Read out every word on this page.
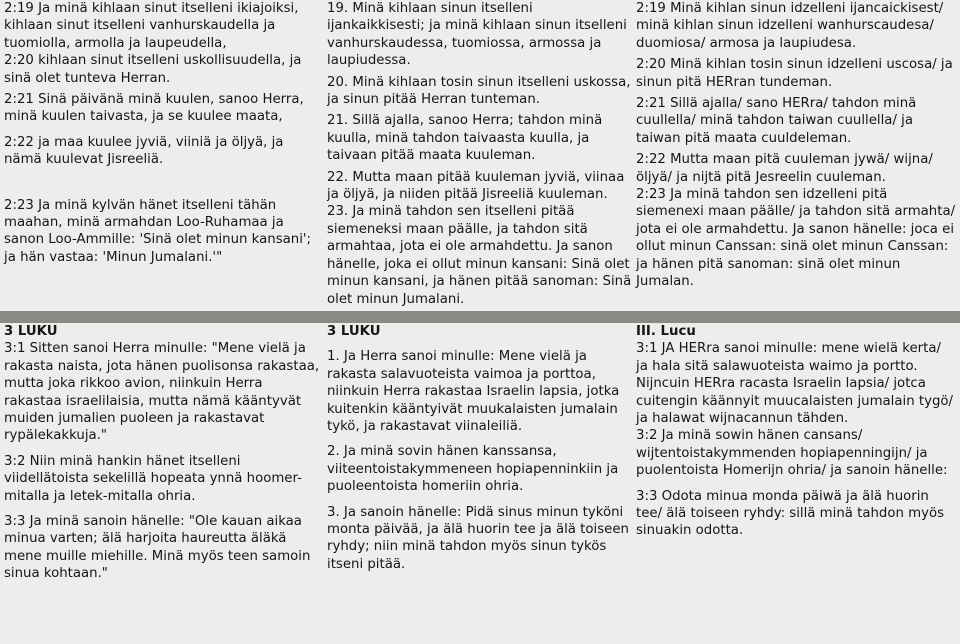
2:19 Ja minä kihlaan sinut itselleni ikiajoiksi, kihlaan sinut itselleni vanhurskaudella ja tuomiolla, armolla ja laupeudella,

2:20 kihlaan sinut itselleni uskollisuudella, ja sinä olet tunteva Herran.

2:21 Sinä päivänä minä kuulen, sanoo Herra, minä kuulen taivasta, ja se kuulee maata,

2:22 ja maa kuulee jyviä, viiniä ja öljyä, ja nämä kuulevat Jisreeliä.

2:23 Ja minä kylvän hänet itselleni tähän maahan, minä armahdan Loo-Ruhamaa ja sanon Loo-Ammille: 'Sinä olet minun kansani'; ja hän vastaa: 'Minun Jumalani.'"

19. Minä kihlaan sinun itselleni ijankaikkisesti; ja minä kihlaan sinun itselleni vanhurskaudessa, tuomiossa, armossa ja laupiudessa.

20. Minä kihlaan tosin sinun itselleni uskossa, ja sinun pitää Herran tunteman.

21. Sillä ajalla, sanoo Herra; tahdon minä kuulla, minä tahdon taivaasta kuulla, ja taivaan pitää maata kuuleman.

22. Mutta maan pitää kuuleman jyviä, viinaa ja öljyä, ja niiden pitää Jisreeliä kuuleman.

23. Ja minä tahdon sen itselleni pitää siemeneksi maan päälle, ja tahdon sitä armahtaa, jota ei ole armahdettu. Ja sanon hänelle, joka ei ollut minun kansani: Sinä olet minun kansani, ja hänen pitää sanoman: Sinä olet minun Jumalani.

2:19 Minä kihlan sinun idzelleni ijancaickisest/ minä kihlan sinun idzelleni wanhurscaudesa/ duomiosa/ armosa ja laupiudesa.

2:20 Minä kihlan tosin sinun idzelleni uscosa/ ja sinun pitä HERran tundeman.

2:21 Sillä ajalla/ sano HERra/ tahdon minä cuullella/ minä tahdon taiwan cuullella/ ja taiwan pitä maata cuuldeleman.

2:22 Mutta maan pitä cuuleman jywä/ wijna/ öljyä/ ja nijtä pitä Jesreelin cuuleman.

2:23 Ja minä tahdon sen idzelleni pitä siemenexi maan päälle/ ja tahdon sitä armahta/ jota ei ole armahdettu. Ja sanon hänelle: joca ei ollut minun Canssan: sinä olet minun Canssan: ja hänen pitä sanoman: sinä olet minun Jumalan.

3 LUKU

3:1 Sitten sanoi Herra minulle: "Mene vielä ja rakasta naista, jota hänen puolisonsa rakastaa, mutta joka rikkoo avion, niinkuin Herra rakastaa israelilaisia, mutta nämä kääntyvät muiden jumalien puoleen ja rakastavat rypälekakkuja."

3:2 Niin minä hankin hänet itselleni viidellätoista sekelillä hopeata ynnä hoomer-mitalla ja letek-mitalla ohria.

3:3 Ja minä sanoin hänelle: "Ole kauan aikaa minua varten; älä harjoita haureutta äläkä mene muille miehille. Minä myös teen samoin sinua kohtaan."

3 LUKU

1. Ja Herra sanoi minulle: Mene vielä ja rakasta salavuoteista vaimoa ja porttoa, niinkuin Herra rakastaa Israelin lapsia, jotka kuitenkin kääntyivät muukalaisten jumalain tykö, ja rakastavat viinaleiliä.

2. Ja minä sovin hänen kanssansa, viiteentoistakymmeneen hopiapenninkiin ja puoleentoista homeriin ohria.

3. Ja sanoin hänelle: Pidä sinus minun tyköni monta päivää, ja älä huorin tee ja älä toiseen ryhdy; niin minä tahdon myös sinun tykös itseni pitää.

III. Lucu

3:1 JA HERra sanoi minulle: mene wielä kerta/ ja hala sitä salawuoteista waimo ja portto. Nijncuin HERra racasta Israelin lapsia/ jotca cuitengin käännyit muucalaisten jumalain tygö/ ja halawat wijnacannun tähden.

3:2 Ja minä sowin hänen cansans/ wijtentoistakymmenden hopiapenningijn/ ja puolentoista Homerijn ohria/ ja sanoin hänelle:

3:3 Odota minua monda päiwä ja älä huorin tee/ älä toiseen ryhdy: sillä minä tahdon myös sinuakin odotta.
